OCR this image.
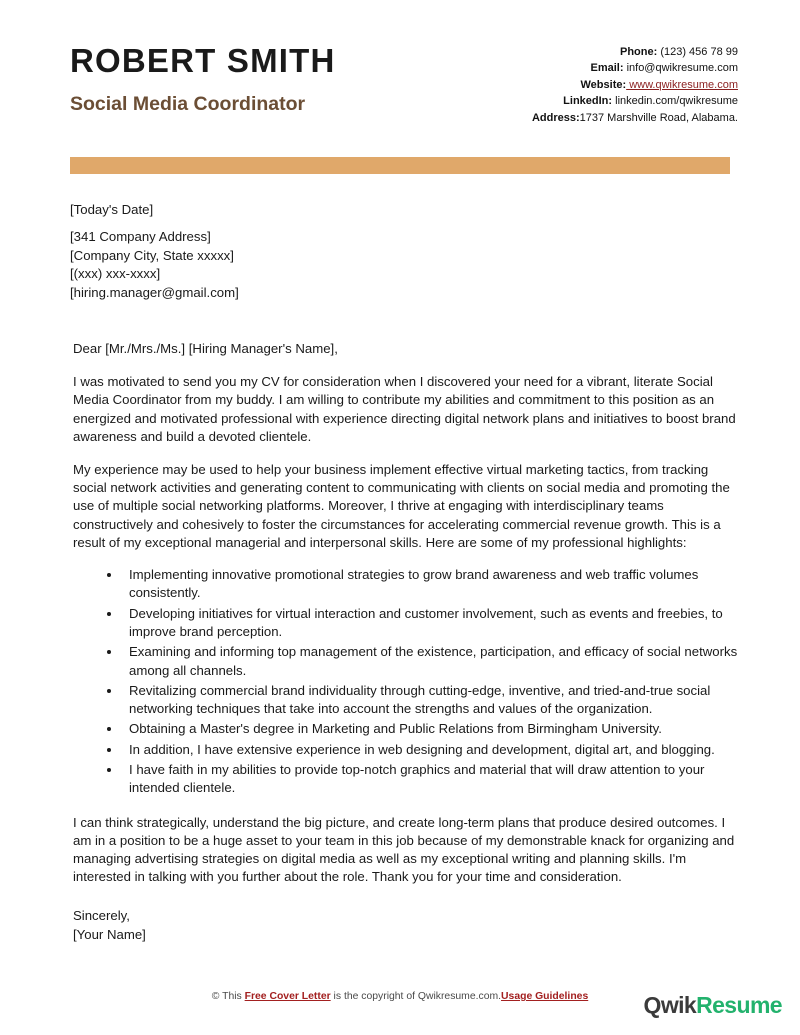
ROBERT SMITH
Social Media Coordinator
Phone: (123) 456 78 99
Email: info@qwikresume.com
Website: www.qwikresume.com
LinkedIn: linkedin.com/qwikresume
Address:1737 Marshville Road, Alabama.
[Today's Date]
[341 Company Address]
[Company City, State xxxxx]
[(xxx) xxx-xxxx]
[hiring.manager@gmail.com]
Dear [Mr./Mrs./Ms.] [Hiring Manager's Name],
I was motivated to send you my CV for consideration when I discovered your need for a vibrant, literate Social Media Coordinator from my buddy. I am willing to contribute my abilities and commitment to this position as an energized and motivated professional with experience directing digital network plans and initiatives to boost brand awareness and build a devoted clientele.
My experience may be used to help your business implement effective virtual marketing tactics, from tracking social network activities and generating content to communicating with clients on social media and promoting the use of multiple social networking platforms. Moreover, I thrive at engaging with interdisciplinary teams constructively and cohesively to foster the circumstances for accelerating commercial revenue growth. This is a result of my exceptional managerial and interpersonal skills. Here are some of my professional highlights:
Implementing innovative promotional strategies to grow brand awareness and web traffic volumes consistently.
Developing initiatives for virtual interaction and customer involvement, such as events and freebies, to improve brand perception.
Examining and informing top management of the existence, participation, and efficacy of social networks among all channels.
Revitalizing commercial brand individuality through cutting-edge, inventive, and tried-and-true social networking techniques that take into account the strengths and values of the organization.
Obtaining a Master's degree in Marketing and Public Relations from Birmingham University.
In addition, I have extensive experience in web designing and development, digital art, and blogging.
I have faith in my abilities to provide top-notch graphics and material that will draw attention to your intended clientele.
I can think strategically, understand the big picture, and create long-term plans that produce desired outcomes. I am in a position to be a huge asset to your team in this job because of my demonstrable knack for organizing and managing advertising strategies on digital media as well as my exceptional writing and planning skills. I'm interested in talking with you further about the role. Thank you for your time and consideration.
Sincerely,
[Your Name]
© This Free Cover Letter is the copyright of Qwikresume.com.Usage Guidelines	QwikResume
